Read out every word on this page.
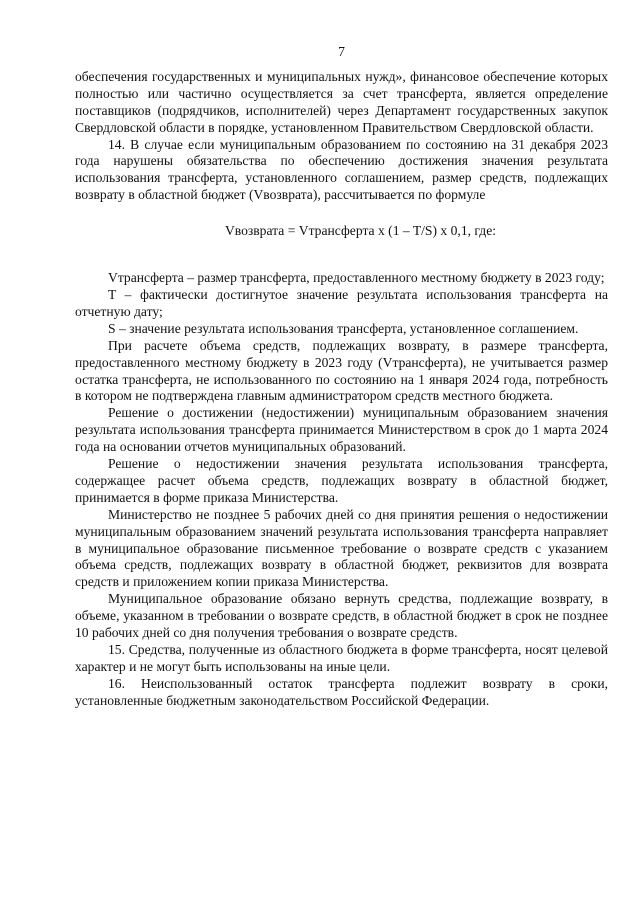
7

обеспечения государственных и муниципальных нужд», финансовое обеспечение которых полностью или частично осуществляется за счет трансферта, является определение поставщиков (подрядчиков, исполнителей) через Департамент государственных закупок Свердловской области в порядке, установленном Правительством Свердловской области.

14. В случае если муниципальным образованием по состоянию на 31 декабря 2023 года нарушены обязательства по обеспечению достижения значения результата использования трансферта, установленного соглашением, размер средств, подлежащих возврату в областной бюджет (Vвозврата), рассчитывается по формуле

Vвозврата = Vтрансферта x (1 – T/S) x 0,1, где:

Vтрансферта – размер трансферта, предоставленного местному бюджету в 2023 году;

T – фактически достигнутое значение результата использования трансферта на отчетную дату;

S – значение результата использования трансферта, установленное соглашением.

При расчете объема средств, подлежащих возврату, в размере трансферта, предоставленного местному бюджету в 2023 году (Vтрансферта), не учитывается размер остатка трансферта, не использованного по состоянию на 1 января 2024 года, потребность в котором не подтверждена главным администратором средств местного бюджета.

Решение о достижении (недостижении) муниципальным образованием значения результата использования трансферта принимается Министерством в срок до 1 марта 2024 года на основании отчетов муниципальных образований.

Решение о недостижении значения результата использования трансферта, содержащее расчет объема средств, подлежащих возврату в областной бюджет, принимается в форме приказа Министерства.

Министерство не позднее 5 рабочих дней со дня принятия решения о недостижении муниципальным образованием значений результата использования трансферта направляет в муниципальное образование письменное требование о возврате средств с указанием объема средств, подлежащих возврату в областной бюджет, реквизитов для возврата средств и приложением копии приказа Министерства.

Муниципальное образование обязано вернуть средства, подлежащие возврату, в объеме, указанном в требовании о возврате средств, в областной бюджет в срок не позднее 10 рабочих дней со дня получения требования о возврате средств.

15. Средства, полученные из областного бюджета в форме трансферта, носят целевой характер и не могут быть использованы на иные цели.

16. Неиспользованный остаток трансферта подлежит возврату в сроки, установленные бюджетным законодательством Российской Федерации.
